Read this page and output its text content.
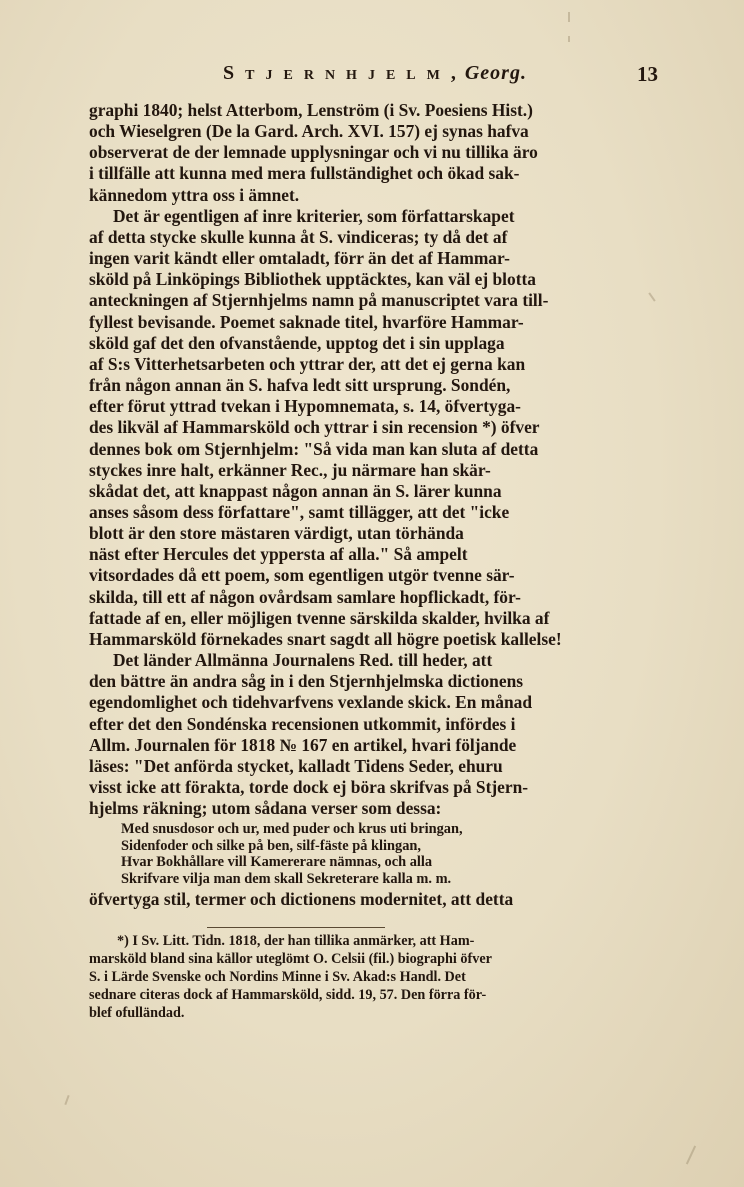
S t j e r n h j e l m , Georg.	13

graphi 1840; helst Atterbom, Lenström (i Sv. Poesiens Hist.)
och Wieselgren (De la Gard. Arch. XVI. 157) ej synas hafva
observerat de der lemnade upplysningar och vi nu tillika äro
i tillfälle att kunna med mera fullständighet och ökad sak-
kännedom yttra oss i ämnet.

Det är egentligen af inre kriterier, som författarskapet
af detta stycke skulle kunna åt S. vindiceras; ty då det af
ingen varit kändt eller omtaladt, förr än det af Hammar-
sköld på Linköpings Bibliothek upptäcktes, kan väl ej blotta
anteckningen af Stjernhjelms namn på manuscriptet vara till-
fyllest bevisande. Poemet saknade titel, hvarföre Hammar-
sköld gaf det den ofvanstående, upptog det i sin upplaga
af S:s Vitterhetsarbeten och yttrar der, att det ej gerna kan
från någon annan än S. hafva ledt sitt ursprung. Sondén,
efter förut yttrad tvekan i Hypomnemata, s. 14, öfvertyga-
des likväl af Hammarsköld och yttrar i sin recension *) öfver
dennes bok om Stjernhjelm: "Så vida man kan sluta af detta
styckes inre halt, erkänner Rec., ju närmare han skär-
skådat det, att knappast någon annan än S. lärer kunna
anses såsom dess författare", samt tillägger, att det "icke
blott är den store mästaren värdigt, utan törhända
näst efter Hercules det yppersta af alla." Så ampelt
vitsordades då ett poem, som egentligen utgör tvenne sär-
skilda, till ett af någon ovårdsam samlare hopflickadt, för-
fattade af en, eller möjligen tvenne särskilda skalder, hvilka af
Hammarsköld förnekades snart sagdt all högre poetisk kallelse!

Det länder Allmänna Journalens Red. till heder, att
den bättre än andra såg in i den Stjernhjelmska dictionens
egendomlighet och tidehvarfvens vexlande skick. En månad
efter det den Sondénska recensionen utkommit, infördes i
Allm. Journalen för 1818 № 167 en artikel, hvari följande
läses: "Det anförda stycket, kalladt Tidens Seder, ehuru
visst icke att förakta, torde dock ej böra skrifvas på Stjern-
hjelms räkning; utom sådana verser som dessa:

Med snusdosor och ur, med puder och krus uti bringan,
Sidenfoder och silke på ben, silf-fäste på klingan,
Hvar Bokhållare vill Kamererare nämnas, och alla
Skrifvare vilja man dem skall Sekreterare kalla m. m.

öfvertyga stil, termer och dictionens modernitet, att detta

*) I Sv. Litt. Tidn. 1818, der han tillika anmärker, att Ham-
marsköld bland sina källor uteglömt O. Celsii (fil.) biographi öfver
S. i Lärde Svenske och Nordins Minne i Sv. Akad:s Handl. Det
sednare citeras dock af Hammarsköld, sidd. 19, 57. Den förra för-
blef ofulländad.
